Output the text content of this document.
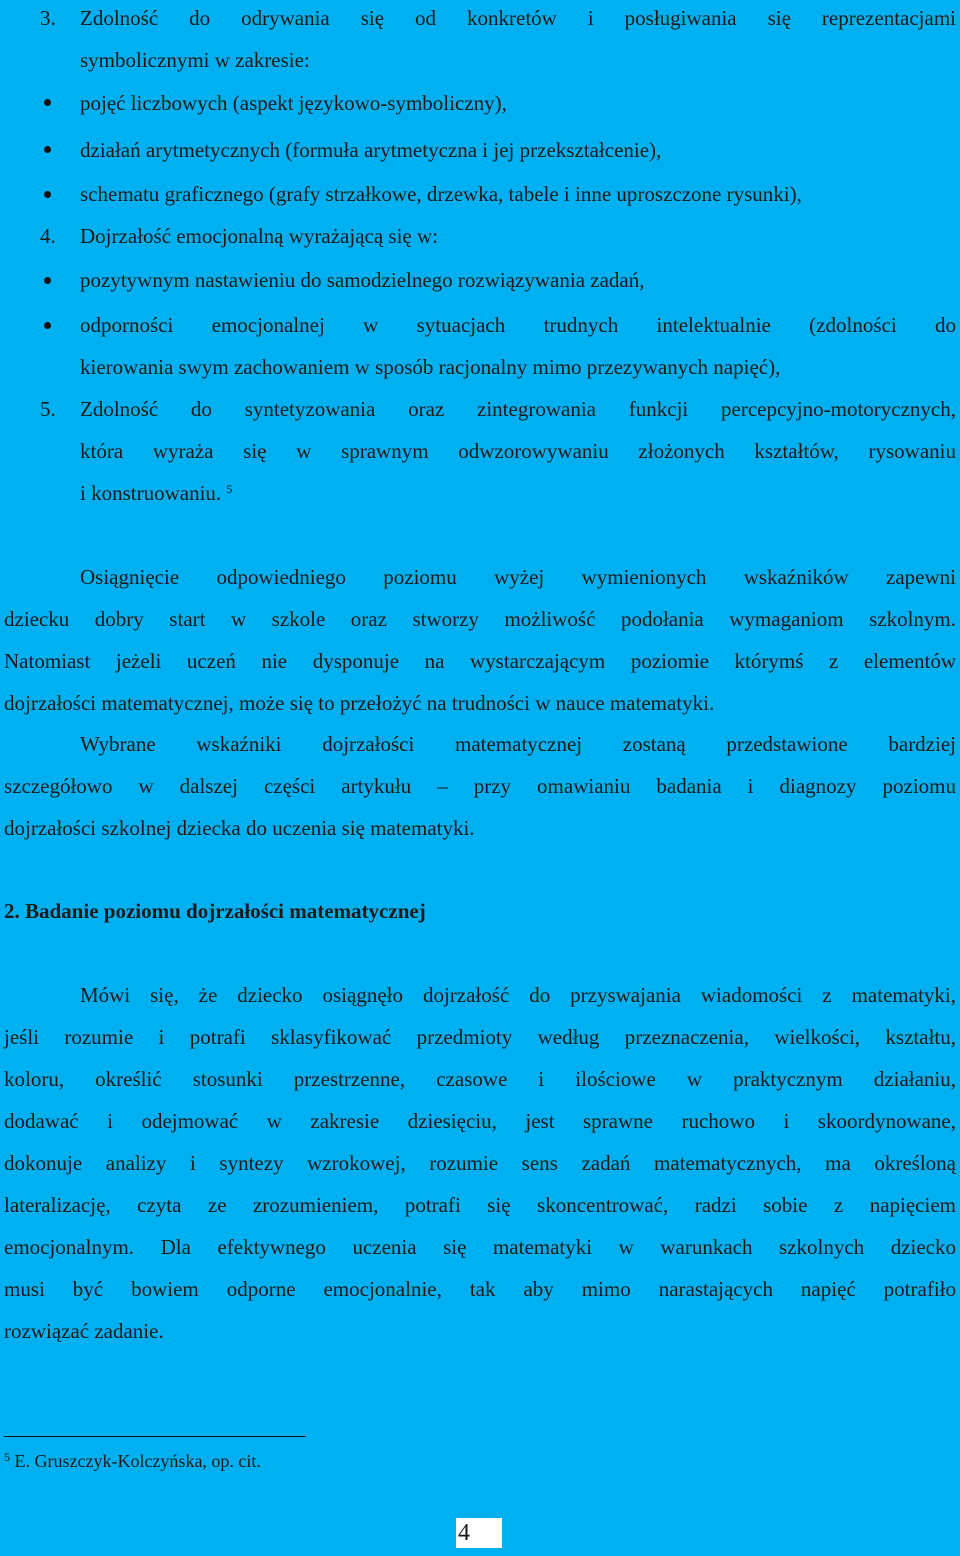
3. Zdolność do odrywania się od konkretów i posługiwania się reprezentacjami
symbolicznymi w zakresie:
pojęć liczbowych (aspekt językowo-symboliczny),
działań arytmetycznych (formuła arytmetyczna i jej przekształcenie),
schematu graficznego (grafy strzałkowe, drzewka, tabele i inne uproszczone rysunki),
4. Dojrzałość emocjonalną wyrażającą się w:
pozytywnym nastawieniu do samodzielnego rozwiązywania zadań,
odporności emocjonalnej w sytuacjach trudnych intelektualnie (zdolności do
kierowania swym zachowaniem w sposób racjonalny mimo przezywanych napięć),
5. Zdolność do syntetyzowania oraz zintegrowania funkcji percepcyjno-motorycznych,
która wyraża się w sprawnym odwzorowywaniu złożonych kształtów, rysowaniu
i konstruowaniu. $^5$
Osiągnięcie odpowiedniego poziomu wyżej wymienionych wskaźników zapewni
dziecku dobry start w szkole oraz stworzy możliwość podołania wymaganiom szkolnym.
Natomiast jeżeli uczeń nie dysponuje na wystarczającym poziomie którymś z elementów
dojrzałości matematycznej, może się to przełożyć na trudności w nauce matematyki.
Wybrane wskaźniki dojrzałości matematycznej zostaną przedstawione bardziej
szczegółowo w dalszej części artykułu – przy omawianiu badania i diagnozy poziomu
dojrzałości szkolnej dziecka do uczenia się matematyki.
2. Badanie poziomu dojrzałości matematycznej
Mówi się, że dziecko osiągnęło dojrzałość do przyswajania wiadomości z matematyki,
jeśli rozumie i potrafi sklasyfikować przedmioty według przeznaczenia, wielkości, kształtu,
koloru, określić stosunki przestrzenne, czasowe i ilościowe w praktycznym działaniu,
dodawać i odejmować w zakresie dziesięciu, jest sprawne ruchowo i skoordynowane,
dokonuje analizy i syntezy wzrokowej, rozumie sens zadań matematycznych, ma określoną
lateralizację, czyta ze zrozumieniem, potrafi się skoncentrować, radzi sobie z napięciem
emocjonalnym. Dla efektywnego uczenia się matematyki w warunkach szkolnych dziecko
musi być bowiem odporne emocjonalnie, tak aby mimo narastających napięć potrafiło
rozwiązać zadanie.
$^5$ E. Gruszczyk-Kolczyńska, op. cit.
4
